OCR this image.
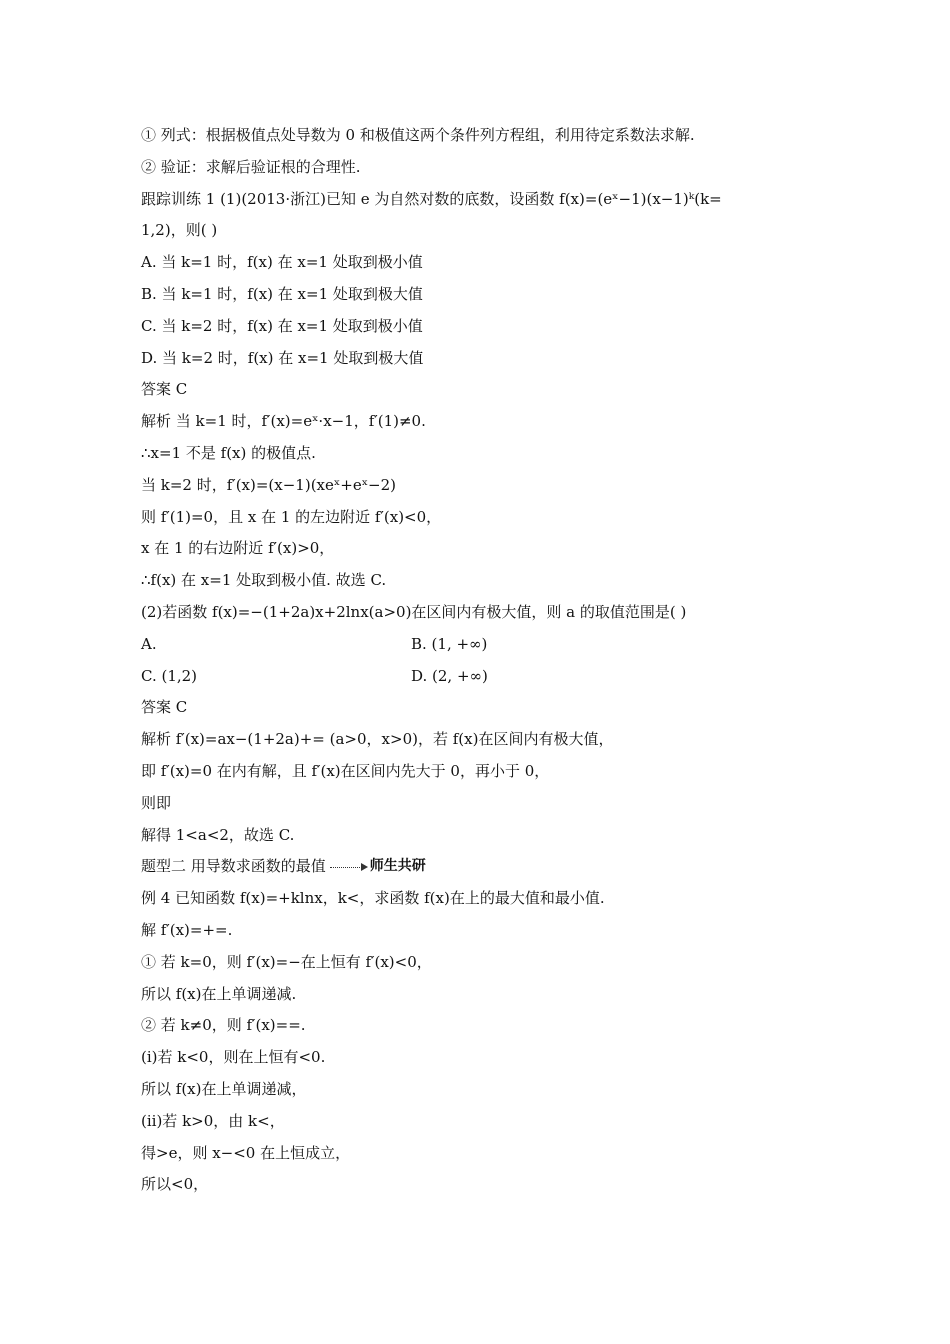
① 列式：根据极值点处导数为 0 和极值这两个条件列方程组，利用待定系数法求解.
② 验证：求解后验证根的合理性.
跟踪训练 1 (1)(2013·浙江)已知 e 为自然对数的底数，设函数 f(x)=(eˣ−1)(x−1)ᵏ(k=
1,2)，则( )
A. 当 k=1 时，f(x) 在 x=1 处取到极小值
B. 当 k=1 时，f(x) 在 x=1 处取到极大值
C. 当 k=2 时，f(x) 在 x=1 处取到极小值
D. 当 k=2 时，f(x) 在 x=1 处取到极大值
答案 C
解析 当 k=1 时，f′(x)=eˣ·x−1，f′(1)≠0.
∴x=1 不是 f(x) 的极值点.
当 k=2 时，f′(x)=(x−1)(xeˣ+eˣ−2)
则 f′(1)=0，且 x 在 1 的左边附近 f′(x)<0，
x 在 1 的右边附近 f′(x)>0，
∴f(x) 在 x=1 处取到极小值. 故选 C.
(2)若函数 f(x)=−(1+2a)x+2lnx(a>0)在区间内有极大值，则 a 的取值范围是( )
A.	B. (1, +∞)
C. (1,2)	D. (2, +∞)
答案 C
解析 f′(x)=ax−(1+2a)+= (a>0，x>0)，若 f(x)在区间内有极大值，
即 f′(x)=0 在内有解，且 f′(x)在区间内先大于 0，再小于 0，
则即
解得 1<a<2，故选 C.
题型二 用导数求函数的最值	师生共研
例 4 已知函数 f(x)=+klnx，k<，求函数 f(x)在上的最大值和最小值.
解 f′(x)=+=.
① 若 k=0，则 f′(x)=−在上恒有 f′(x)<0，
所以 f(x)在上单调递减.
② 若 k≠0，则 f′(x)==.
(ⅰ)若 k<0，则在上恒有<0.
所以 f(x)在上单调递减，
(ⅱ)若 k>0，由 k<，
得>e，则 x−<0 在上恒成立，
所以<0，
